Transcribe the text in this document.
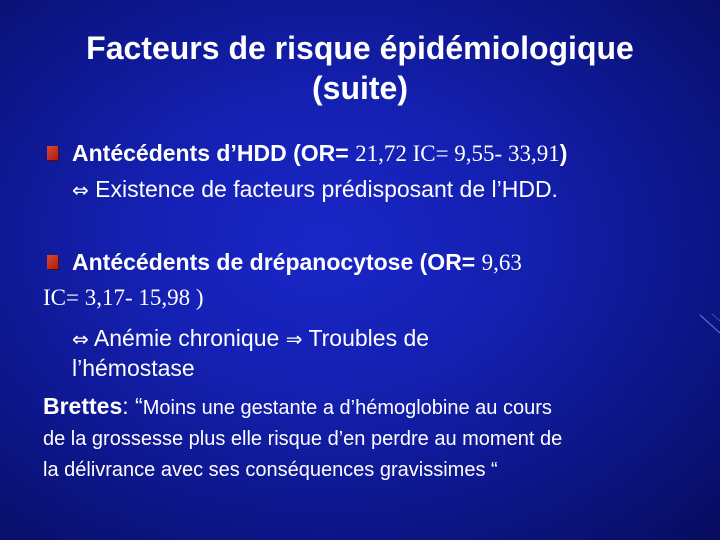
Facteurs de risque épidémiologique
(suite)
Antécédents d’HDD (OR= 21,72 IC= 9,55- 33,91)
⇔ Existence de facteurs prédisposant de l’HDD.
Antécédents de drépanocytose (OR= 9,63
IC= 3,17- 15,98 )
⇔ Anémie chronique ⇒ Troubles de
l’hémostase
Brettes: “Moins une gestante a d’hémoglobine au cours
de la grossesse plus elle risque d’en perdre au moment de
la délivrance avec ses conséquences gravissimes “
